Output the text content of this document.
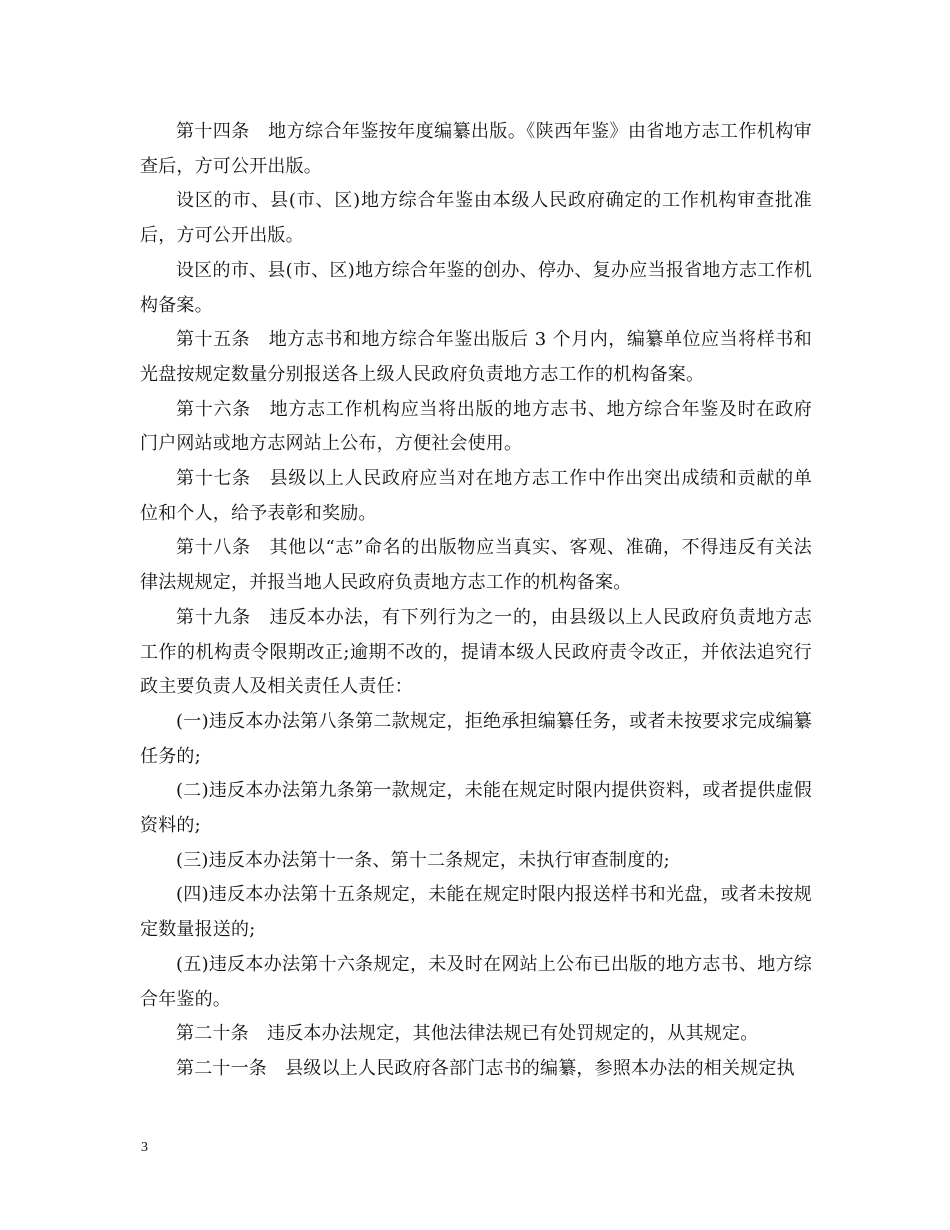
第十四条　地方综合年鉴按年度编纂出版。《陕西年鉴》由省地方志工作机构审查后，方可公开出版。

设区的市、县(市、区)地方综合年鉴由本级人民政府确定的工作机构审查批准后，方可公开出版。

设区的市、县(市、区)地方综合年鉴的创办、停办、复办应当报省地方志工作机构备案。

第十五条　地方志书和地方综合年鉴出版后 3 个月内，编纂单位应当将样书和光盘按规定数量分别报送各上级人民政府负责地方志工作的机构备案。

第十六条　地方志工作机构应当将出版的地方志书、地方综合年鉴及时在政府门户网站或地方志网站上公布，方便社会使用。

第十七条　县级以上人民政府应当对在地方志工作中作出突出成绩和贡献的单位和个人，给予表彰和奖励。

第十八条　其他以“志”命名的出版物应当真实、客观、准确，不得违反有关法律法规规定，并报当地人民政府负责地方志工作的机构备案。

第十九条　违反本办法，有下列行为之一的，由县级以上人民政府负责地方志工作的机构责令限期改正;逾期不改的，提请本级人民政府责令改正，并依法追究行政主要负责人及相关责任人责任：

(一)违反本办法第八条第二款规定，拒绝承担编纂任务，或者未按要求完成编纂任务的;

(二)违反本办法第九条第一款规定，未能在规定时限内提供资料，或者提供虚假资料的;

(三)违反本办法第十一条、第十二条规定，未执行审查制度的;

(四)违反本办法第十五条规定，未能在规定时限内报送样书和光盘，或者未按规定数量报送的;

(五)违反本办法第十六条规定，未及时在网站上公布已出版的地方志书、地方综合年鉴的。

第二十条　违反本办法规定，其他法律法规已有处罚规定的，从其规定。

第二十一条　县级以上人民政府各部门志书的编纂，参照本办法的相关规定执

3
